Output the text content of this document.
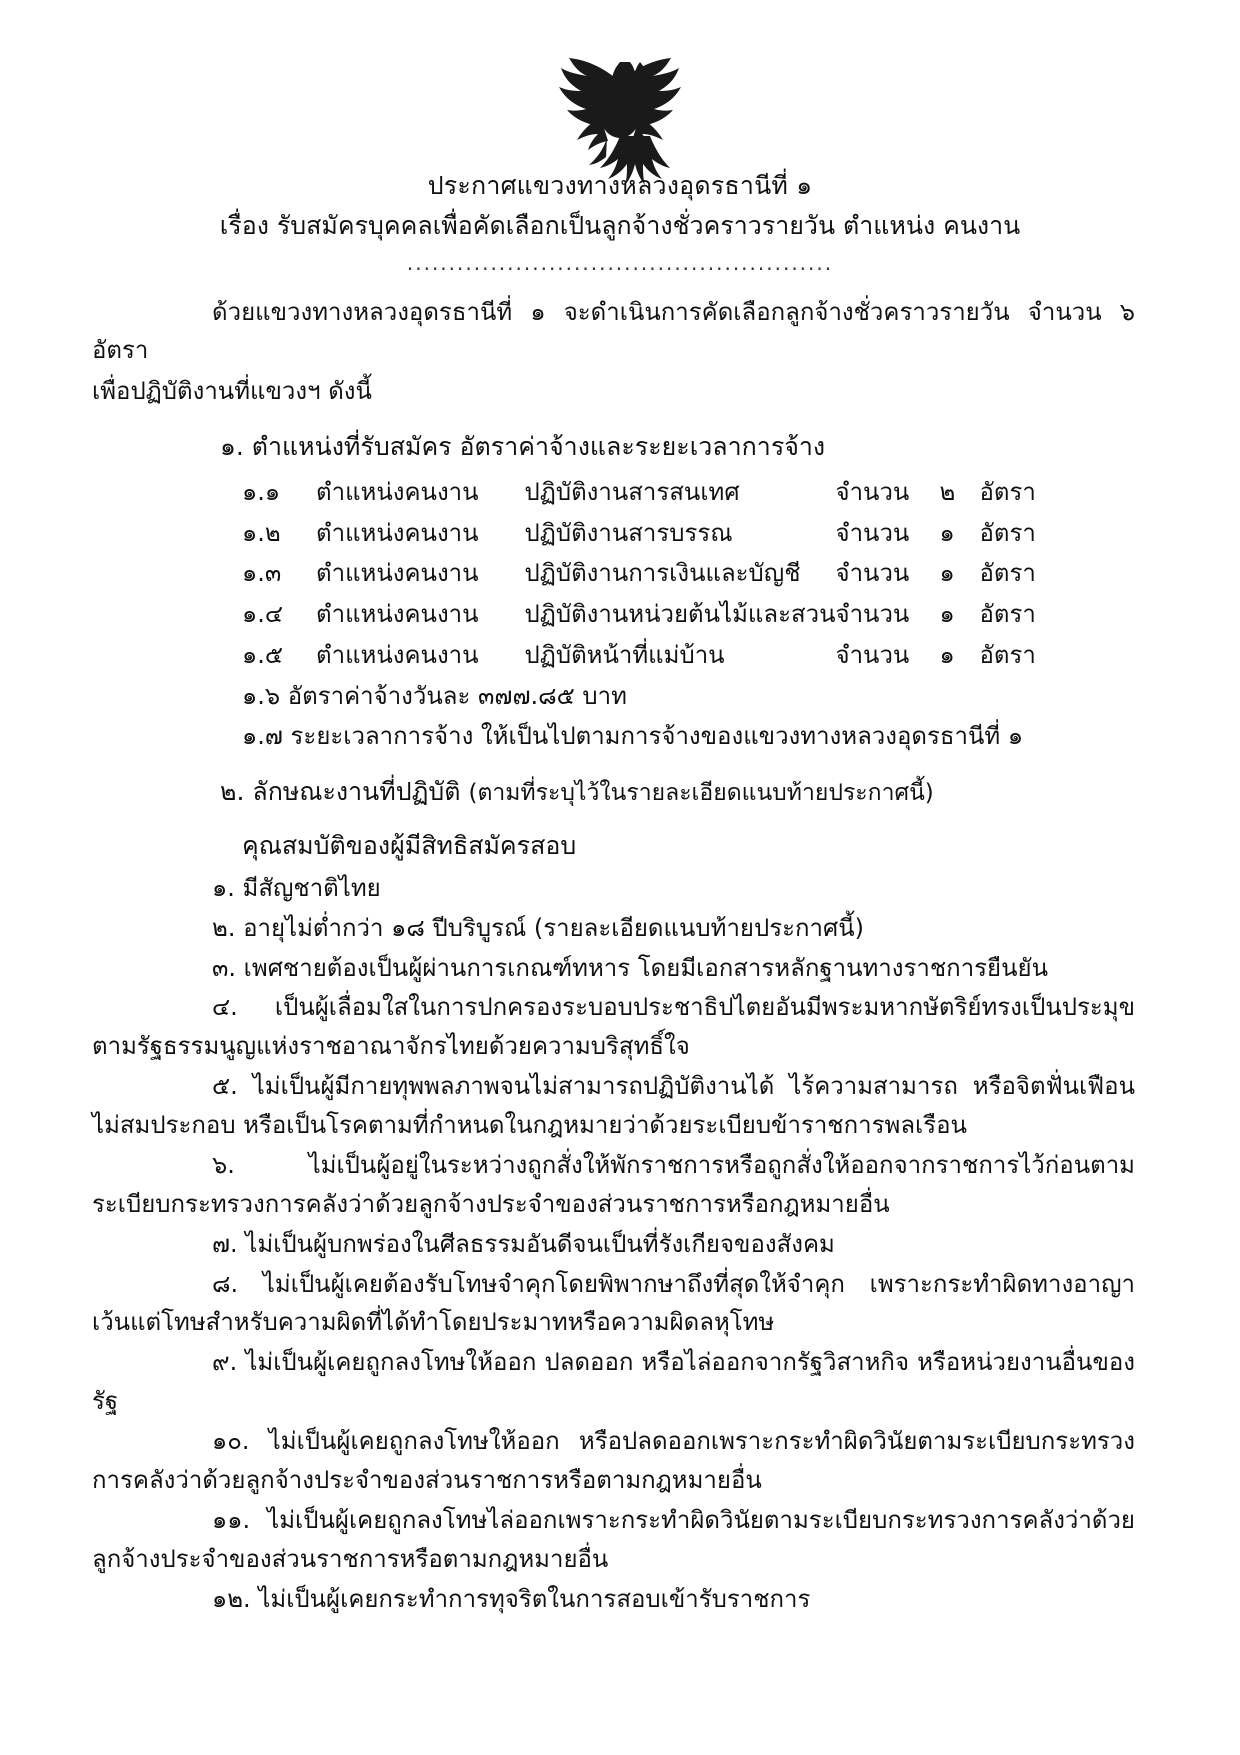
ประกาศแขวงทางหลวงอุดรธานีที่ ๑
เรื่อง รับสมัครบุคคลเพื่อคัดเลือกเป็นลูกจ้างชั่วคราวรายวัน ตำแหน่ง คนงาน
...................................................

ด้วยแขวงทางหลวงอุดรธานีที่ ๑ จะดำเนินการคัดเลือกลูกจ้างชั่วคราวรายวัน จำนวน ๖ อัตรา

เพื่อปฏิบัติงานที่แขวงฯ ดังนี้

๑. ตำแหน่งที่รับสมัคร อัตราค่าจ้างและระยะเวลาการจ้าง
๑.๑	ตำแหน่ง	คนงาน	ปฏิบัติงานสารสนเทศ	จำนวน	๒	อัตรา
๑.๒	ตำแหน่ง	คนงาน	ปฏิบัติงานสารบรรณ	จำนวน	๑	อัตรา
๑.๓	ตำแหน่ง	คนงาน	ปฏิบัติงานการเงินและบัญชี	จำนวน	๑	อัตรา
๑.๔	ตำแหน่ง	คนงาน	ปฏิบัติงานหน่วยต้นไม้และสวน	จำนวน	๑	อัตรา
๑.๕	ตำแหน่ง	คนงาน	ปฏิบัติหน้าที่แม่บ้าน	จำนวน	๑	อัตรา
๑.๖ อัตราค่าจ้างวันละ ๓๗๗.๘๕ บาท
๑.๗ ระยะเวลาการจ้าง ให้เป็นไปตามการจ้างของแขวงทางหลวงอุดรธานีที่ ๑
๒. ลักษณะงานที่ปฏิบัติ (ตามที่ระบุไว้ในรายละเอียดแนบท้ายประกาศนี้)
คุณสมบัติของผู้มีสิทธิสมัครสอบ

๑. มีสัญชาติไทย

๒. อายุไม่ต่ำกว่า ๑๘ ปีบริบูรณ์ (รายละเอียดแนบท้ายประกาศนี้)

๓. เพศชายต้องเป็นผู้ผ่านการเกณฑ์ทหาร โดยมีเอกสารหลักฐานทางราชการยืนยัน

๔. เป็นผู้เลื่อมใสในการปกครองระบอบประชาธิปไตยอันมีพระมหากษัตริย์ทรงเป็นประมุขตามรัฐธรรมนูญแห่งราชอาณาจักรไทยด้วยความบริสุทธิ์ใจ

๕. ไม่เป็นผู้มีกายทุพพลภาพจนไม่สามารถปฏิบัติงานได้ ไร้ความสามารถ หรือจิตฟั่นเฟือนไม่สมประกอบ หรือเป็นโรคตามที่กำหนดในกฎหมายว่าด้วยระเบียบข้าราชการพลเรือน

๖. ไม่เป็นผู้อยู่ในระหว่างถูกสั่งให้พักราชการหรือถูกสั่งให้ออกจากราชการไว้ก่อนตามระเบียบกระทรวงการคลังว่าด้วยลูกจ้างประจำของส่วนราชการหรือกฎหมายอื่น

๗. ไม่เป็นผู้บกพร่องในศีลธรรมอันดีจนเป็นที่รังเกียจของสังคม

๘. ไม่เป็นผู้เคยต้องรับโทษจำคุกโดยพิพากษาถึงที่สุดให้จำคุก เพราะกระทำผิดทางอาญาเว้นแต่โทษสำหรับความผิดที่ได้ทำโดยประมาทหรือความผิดลหุโทษ

๙. ไม่เป็นผู้เคยถูกลงโทษให้ออก ปลดออก หรือไล่ออกจากรัฐวิสาหกิจ หรือหน่วยงานอื่นของรัฐ

๑๐. ไม่เป็นผู้เคยถูกลงโทษให้ออก หรือปลดออกเพราะกระทำผิดวินัยตามระเบียบกระทรวงการคลังว่าด้วยลูกจ้างประจำของส่วนราชการหรือตามกฎหมายอื่น

๑๑. ไม่เป็นผู้เคยถูกลงโทษไล่ออกเพราะกระทำผิดวินัยตามระเบียบกระทรวงการคลังว่าด้วยลูกจ้างประจำของส่วนราชการหรือตามกฎหมายอื่น

๑๒. ไม่เป็นผู้เคยกระทำการทุจริตในการสอบเข้ารับราชการ
